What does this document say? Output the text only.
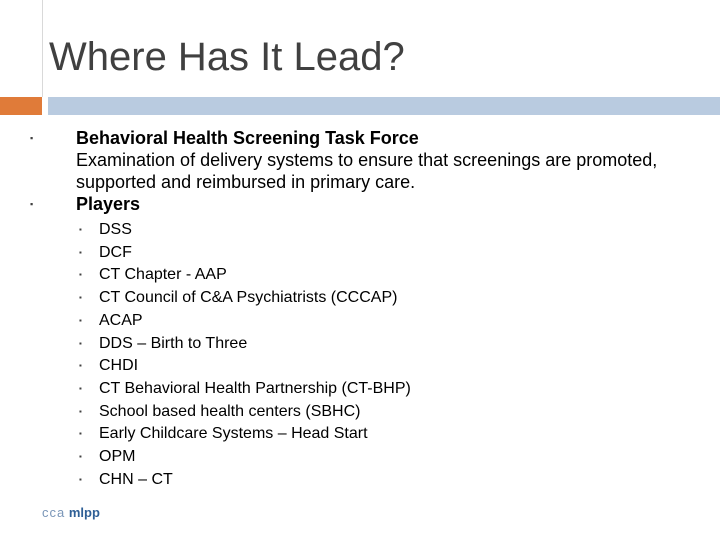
Where Has It Lead?
▪ Behavioral Health Screening Task Force
Examination of delivery systems to ensure that screenings are promoted, supported and reimbursed in primary care.
▪ Players
▪ DSS
▪ DCF
▪ CT Chapter - AAP
▪ CT Council of C&A Psychiatrists (CCCAP)
▪ ACAP
▪ DDS – Birth to Three
▪ CHDI
▪ CT Behavioral Health Partnership (CT-BHP)
▪ School based health centers (SBHC)
▪ Early Childcare Systems – Head Start
▪ OPM
▪ CHN – CT
cca mlpp
